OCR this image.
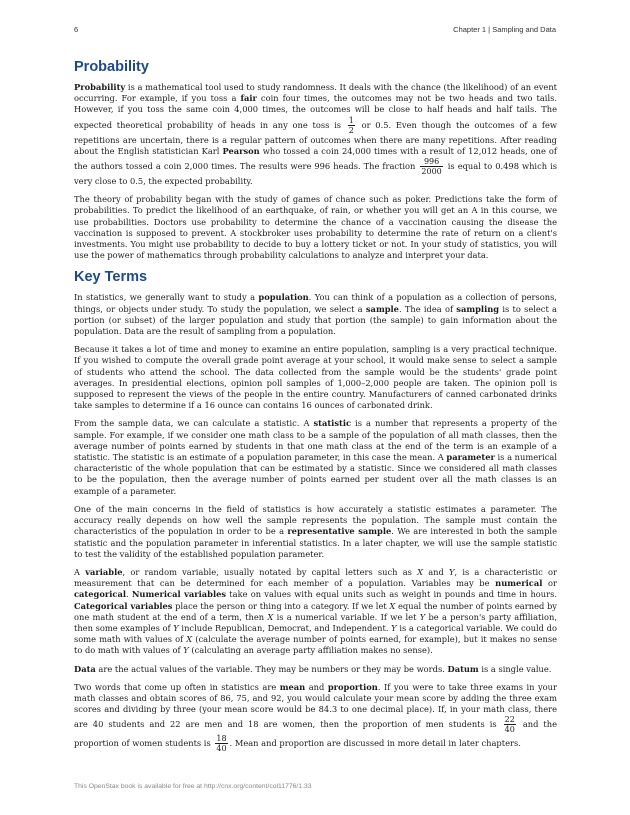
6	Chapter 1 | Sampling and Data
Probability

Probability is a mathematical tool used to study randomness. It deals with the chance (the likelihood) of an event occurring. For example, if you toss a fair coin four times, the outcomes may not be two heads and two tails. However, if you toss the same coin 4,000 times, the outcomes will be close to half heads and half tails. The expected theoretical probability of heads in any one toss is $\frac{1}{2}$ or 0.5. Even though the outcomes of a few repetitions are uncertain, there is a regular pattern of outcomes when there are many repetitions. After reading about the English statistician Karl Pearson who tossed a coin 24,000 times with a result of 12,012 heads, one of the authors tossed a coin 2,000 times. The results were 996 heads. The fraction $\frac{996}{2000}$ is equal to 0.498 which is very close to 0.5, the expected probability.

The theory of probability began with the study of games of chance such as poker. Predictions take the form of probabilities. To predict the likelihood of an earthquake, of rain, or whether you will get an A in this course, we use probabilities. Doctors use probability to determine the chance of a vaccination causing the disease the vaccination is supposed to prevent. A stockbroker uses probability to determine the rate of return on a client's investments. You might use probability to decide to buy a lottery ticket or not. In your study of statistics, you will use the power of mathematics through probability calculations to analyze and interpret your data.

Key Terms

In statistics, we generally want to study a population. You can think of a population as a collection of persons, things, or objects under study. To study the population, we select a sample. The idea of sampling is to select a portion (or subset) of the larger population and study that portion (the sample) to gain information about the population. Data are the result of sampling from a population.

Because it takes a lot of time and money to examine an entire population, sampling is a very practical technique. If you wished to compute the overall grade point average at your school, it would make sense to select a sample of students who attend the school. The data collected from the sample would be the students' grade point averages. In presidential elections, opinion poll samples of 1,000–2,000 people are taken. The opinion poll is supposed to represent the views of the people in the entire country. Manufacturers of canned carbonated drinks take samples to determine if a 16 ounce can contains 16 ounces of carbonated drink.

From the sample data, we can calculate a statistic. A statistic is a number that represents a property of the sample. For example, if we consider one math class to be a sample of the population of all math classes, then the average number of points earned by students in that one math class at the end of the term is an example of a statistic. The statistic is an estimate of a population parameter, in this case the mean. A parameter is a numerical characteristic of the whole population that can be estimated by a statistic. Since we considered all math classes to be the population, then the average number of points earned per student over all the math classes is an example of a parameter.

One of the main concerns in the field of statistics is how accurately a statistic estimates a parameter. The accuracy really depends on how well the sample represents the population. The sample must contain the characteristics of the population in order to be a representative sample. We are interested in both the sample statistic and the population parameter in inferential statistics. In a later chapter, we will use the sample statistic to test the validity of the established population parameter.

A variable, or random variable, usually notated by capital letters such as X and Y, is a characteristic or measurement that can be determined for each member of a population. Variables may be numerical or categorical. Numerical variables take on values with equal units such as weight in pounds and time in hours. Categorical variables place the person or thing into a category. If we let X equal the number of points earned by one math student at the end of a term, then X is a numerical variable. If we let Y be a person's party affiliation, then some examples of Y include Republican, Democrat, and Independent. Y is a categorical variable. We could do some math with values of X (calculate the average number of points earned, for example), but it makes no sense to do math with values of Y (calculating an average party affiliation makes no sense).

Data are the actual values of the variable. They may be numbers or they may be words. Datum is a single value.

Two words that come up often in statistics are mean and proportion. If you were to take three exams in your math classes and obtain scores of 86, 75, and 92, you would calculate your mean score by adding the three exam scores and dividing by three (your mean score would be 84.3 to one decimal place). If, in your math class, there are 40 students and 22 are men and 18 are women, then the proportion of men students is $\frac{22}{40}$ and the proportion of women students is $\frac{18}{40}$ . Mean and proportion are discussed in more detail in later chapters.

This OpenStax book is available for free at http://cnx.org/content/col11776/1.33
